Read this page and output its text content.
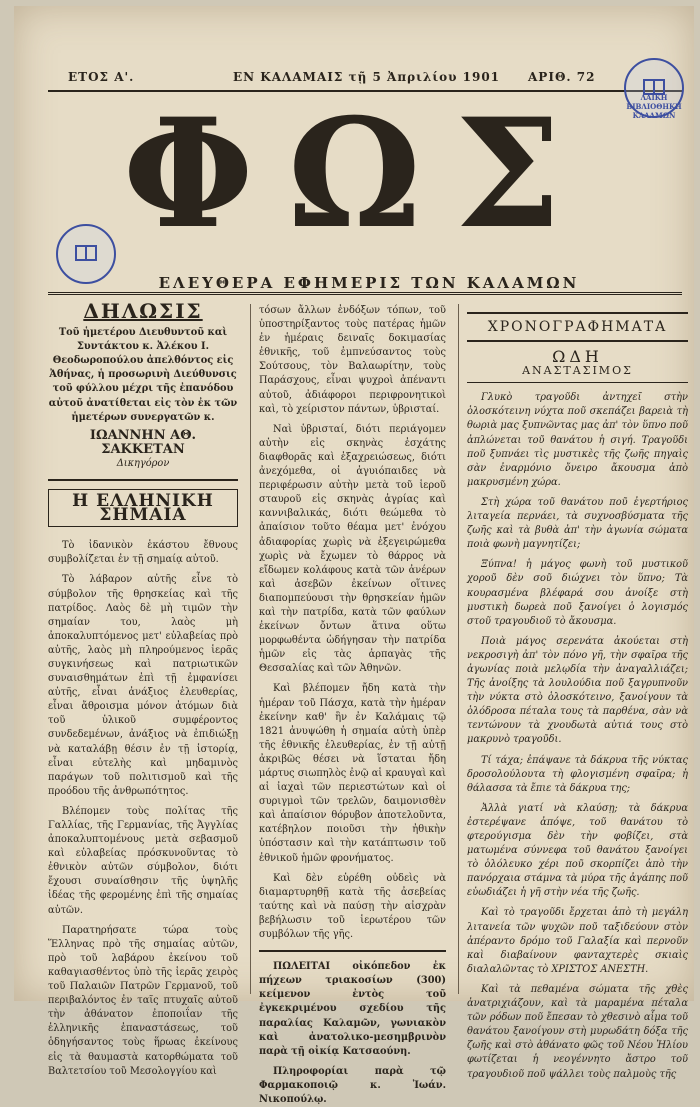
ΕΤΟΣ Α'.	ΕΝ ΚΑΛΑΜΑΙΣ τῇ 5 Ἀπριλίου 1901 ΑΡΙΘ. 72
ΛΑΪΚΗ ΒΙΒΛΙΟΘΗΚΗ ΚΑΛΑΜΩΝ
ΦΩΣ
ΕΛΕΥΘΕΡΑ ΕΦΗΜΕΡΙΣ ΤΩΝ ΚΑΛΑΜΩΝ
ΔΗΛΩΣΙΣ
Τοῦ ἡμετέρου Διευθυντοῦ καὶ Συντάκτου κ. Ἀλέκου Ι. Θεοδωροπούλου ἀπελθόντος εἰς Ἀθήνας, ἡ προσωρινὴ Διεύθυνσις τοῦ φύλλου μέχρι τῆς ἐπανόδου αὐτοῦ ἀνατίθεται εἰς τὸν ἐκ τῶν ἡμετέρων συνεργατῶν κ.
ΙΩΑΝΝΗΝ ΑΘ. ΣΑΚΚΕΤΑΝ
Δικηγόρον
Η ΕΛΛΗΝΙΚΗ ΣΗΜΑΙΑ

Τὸ ἰδανικὸν ἑκάστου ἔθνους συμβολίζεται ἐν τῇ σημαίᾳ αὐτοῦ.

Τὸ λάβαρον αὐτῆς εἶνε τὸ σύμβολον τῆς θρησκείας καὶ τῆς πατρίδος. Λαὸς δὲ μὴ τιμῶν τὴν σημαίαν του, λαὸς μὴ ἀποκαλυπτόμενος μετ' εὐλαβείας πρὸ αὐτῆς, λαὸς μὴ πληρούμενος ἱερᾶς συγκινήσεως καὶ πατριωτικῶν συναισθημάτων ἐπὶ τῇ ἐμφανίσει αὐτῆς, εἶναι ἀνάξιος ἐλευθερίας, εἶναι ἄθροισμα μόνον ἀτόμων διὰ τοῦ ὑλικοῦ συμφέροντος συνδεδεμένων, ἀνάξιος νὰ ἐπιδιώξῃ νὰ καταλάβῃ θέσιν ἐν τῇ ἱστορίᾳ, εἶναι εὐτελὴς καὶ μηδαμινὸς παράγων τοῦ πολιτισμοῦ καὶ τῆς προόδου τῆς ἀνθρωπότητος.

Βλέπομεν τοὺς πολίτας τῆς Γαλλίας, τῆς Γερμανίας, τῆς Ἀγγλίας ἀποκαλυπτομένους μετὰ σεβασμοῦ καὶ εὐλαβείας πρόσκυνοῦντας τὸ ἐθνικὸν αὐτῶν σύμβολον, διότι ἔχουσι συναίσθησιν τῆς ὑψηλῆς ἰδέας τῆς φερομένης ἐπὶ τῆς σημαίας αὐτῶν.

Παρατηρήσατε τώρα τοὺς Ἕλληνας πρὸ τῆς σημαίας αὐτῶν, πρὸ τοῦ λαβάρου ἐκείνου τοῦ καθαγιασθέντος ὑπὸ τῆς ἱερᾶς χειρὸς τοῦ Παλαιῶν Πατρῶν Γερμανοῦ, τοῦ περιβαλόντος ἐν ταῖς πτυχαῖς αὐτοῦ τὴν ἀθάνατον ἐποποιΐαν τῆς ἑλληνικῆς ἐπαναστάσεως, τοῦ ὁδηγήσαντος τοὺς ἥρωας ἐκείνους εἰς τὰ θαυμαστὰ κατορθώματα τοῦ Βαλτετσίου τοῦ Μεσολογγίου καὶ

τόσων ἄλλων ἐνδόξων τόπων, τοῦ ὑποστηρίξαντος τοὺς πατέρας ἡμῶν ἐν ἡμέραις δειναῖς δοκιμασίας ἐθνικῆς, τοῦ ἐμπνεύσαντος τοὺς Σούτσους, τὸν Βαλαωρίτην, τοὺς Παράσχους, εἶναι ψυχροὶ ἀπέναντι αὐτοῦ, ἀδιάφοροι περιφρονητικοὶ καὶ, τὸ χείριστον πάντων, ὑβρισταί.

Ναὶ ὑβρισταί, διότι περιάγομεν αὐτὴν εἰς σκηνὰς ἐσχάτης διαφθορᾶς καὶ ἐξαχρειώσεως, διότι ἀνεχόμεθα, οἱ ἀγυιόπαιδες νὰ περιφέρωσιν αὐτὴν μετὰ τοῦ ἱεροῦ σταυροῦ εἰς σκηνὰς ἀγρίας καὶ καννιβαλικάς, διότι θεώμεθα τὸ ἀπαίσιον τοῦτο θέαμα μετ' ἐνόχου ἀδιαφορίας χωρὶς νὰ ἐξεγειρώμεθα χωρὶς νὰ ἔχωμεν τὸ θάρρος νὰ εἴδωμεν κολάφους κατὰ τῶν ἀνέρων καὶ ἀσεβῶν ἐκείνων οἵτινες διαπομπεύουσι τὴν θρησκείαν ἡμῶν καὶ τὴν πατρίδα, κατὰ τῶν φαύλων ἐκείνων ὄντων ἅτινα οὕτω μορφωθέντα ὡδήγησαν τὴν πατρίδα ἡμῶν εἰς τὰς ἁρπαγὰς τῆς Θεσσαλίας καὶ τῶν Ἀθηνῶν.

Καὶ βλέπομεν ἤδη κατὰ τὴν ἡμέραν τοῦ Πάσχα, κατὰ τὴν ἡμέραν ἐκείνην καθ' ἣν ἐν Καλάμαις τῷ 1821 ἀνυψώθη ἡ σημαία αὐτὴ ὑπὲρ τῆς ἐθνικῆς ἐλευθερίας, ἐν τῇ αὐτῇ ἀκριβῶς θέσει νὰ ἵσταται ἤδη μάρτυς σιωπηλὸς ἐνῷ αἱ κραυγαὶ καὶ αἱ ἰαχαὶ τῶν περιεστώτων καὶ οἱ συριγμοὶ τῶν τρελῶν, δαιμονισθὲν καὶ ἀπαίσιον θόρυβον ἀποτελοῦντα, κατέβηλον ποιοῦσι τὴν ἠθικὴν ὑπόστασιν καὶ τὴν κατάπτωσιν τοῦ ἐθνικοῦ ἡμῶν φρονήματος.

Καὶ δὲν εὑρέθη οὐδεὶς νὰ διαμαρτυρηθῇ κατὰ τῆς ἀσεβείας ταύτης καὶ νὰ παύσῃ τὴν αἰσχρὰν βεβήλωσιν τοῦ ἱερωτέρου τῶν συμβόλων τῆς γῆς.

ΠΩΛΕΙΤΑΙ οἰκόπεδον ἐκ πήχεων τριακοσίων (300) κείμενον ἐντὸς τοῦ ἐγκεκριμένου σχεδίου τῆς παραλίας Καλαμῶν, γωνιακὸν καὶ ἀνατολικο-μεσημβρινὸν παρὰ τῇ οἰκίᾳ Κατσαούνη.

Πληροφορίαι παρὰ τῷ Φαρμακοποιῷ κ. Ἰωάν. Νικοπούλῳ.

ΧΡΟΝΟΓΡΑΦΗΜΑΤΑ
ΩΔΗ
ΑΝΑΣΤΑΣΙΜΟΣ

Γλυκὸ τραγοῦδι ἀντηχεῖ στὴν ὁλοσκότεινη νύχτα ποῦ σκεπάζει βαρειὰ τὴ θωριὰ μας ξυπνῶντας μας ἀπ' τὸν ὕπνο ποῦ ἀπλώνεται τοῦ θανάτου ἡ σιγή. Τραγοῦδι ποῦ ξυπνάει τὶς μυστικὲς τῆς ζωῆς πηγαὶς σὰν ἐναρμόνιο ὄνειρο ἄκουσμα ἀπὸ μακρυσμένη χώρα.

Στὴ χώρα τοῦ θανάτου ποῦ ἐγερτήριος λιταγεία περνάει, τὰ συχνοσβύσματα τῆς ζωῆς καὶ τὰ βυθὰ ἀπ' τὴν ἀγωνία σώματα ποιὰ φωνὴ μαγνητίζει;

Ξύπνα! ἡ μάγος φωνὴ τοῦ μυστικοῦ χοροῦ δὲν σοῦ διώχνει τὸν ὕπνο; Τὰ κουρασμένα βλέφαρά σου ἀνοίξε στὴ μυστικὴ δωρεὰ ποῦ ξανοίγει ὁ λογισμός στοῦ τραγουδιοῦ τὸ ἄκουσμα.

Ποιὰ μάγος σερενάτα ἀκούεται στὴ νεκροσιγὴ ἀπ' τὸν πόνο γῆ, τὴν σφαῖρα τῆς ἀγωνίας ποιὰ μελῳδία τὴν ἀναγαλλιάζει; Τῆς ἀνοίξης τὰ λουλούδια ποῦ ξαγρυπνοῦν τὴν νύκτα στὸ ὁλοσκότεινο, ξανοίγουν τὰ ὁλόδροσα πέταλα τους τὰ παρθένα, σὰν νὰ τεντώνουν τὰ χνουδωτὰ αὐτιά τους στὸ μακρυνὸ τραγοῦδι.

Τί τάχα; ἐπάψανε τὰ δάκρυα τῆς νύκτας δροσολούλουτα τὴ φλογισμένη σφαῖρα; ἡ θάλασσα τὰ ἔπιε τὰ δάκρυα της;

Ἀλλὰ γιατί νὰ κλαύσῃ; τὰ δάκρυα ἐστερέψανε ἀπόψε, τοῦ θανάτου τὸ φτερούγισμα δὲν τὴν φοβίζει, στὰ ματωμένα σύννεφα τοῦ θανάτου ξανοίγει τὸ ὁλόλευκο χέρι ποῦ σκορπίζει ἀπὸ τὴν πανόρχαια στάμνα τὰ μύρα τῆς ἀγάπης ποῦ εὐωδιάζει ἡ γῆ στὴν νέα τῆς ζωῆς.

Καὶ τὸ τραγοῦδι ἔρχεται ἀπὸ τὴ μεγάλη λιτανεία τῶν ψυχῶν ποῦ ταξιδεύουν στὸν ἀπέραντο δρόμο τοῦ Γαλαξία καὶ περνοῦν καὶ διαβαίνουν φανταχτερὲς σκιαὶς διαλαλῶντας τὸ ΧΡΙΣΤΟΣ ΑΝΕΣΤΗ.

Καὶ τὰ πεθαμένα σώματα τῆς χθὲς ἀνατριχιάζουν, καὶ τὰ μαραμένα πέταλα τῶν ρόδων ποῦ ἔπεσαν τὸ χθεσινὸ αἷμα τοῦ θανάτου ξανοίγουν στὴ μυρωδάτη δόξα τῆς ζωῆς καὶ στὸ ἀθάνατο φῶς τοῦ Νέου Ἡλίου φωτίζεται ἡ νεογέννητο ἄστρο τοῦ τραγουδιοῦ ποῦ ψάλλει τοὺς παλμοὺς τῆς
